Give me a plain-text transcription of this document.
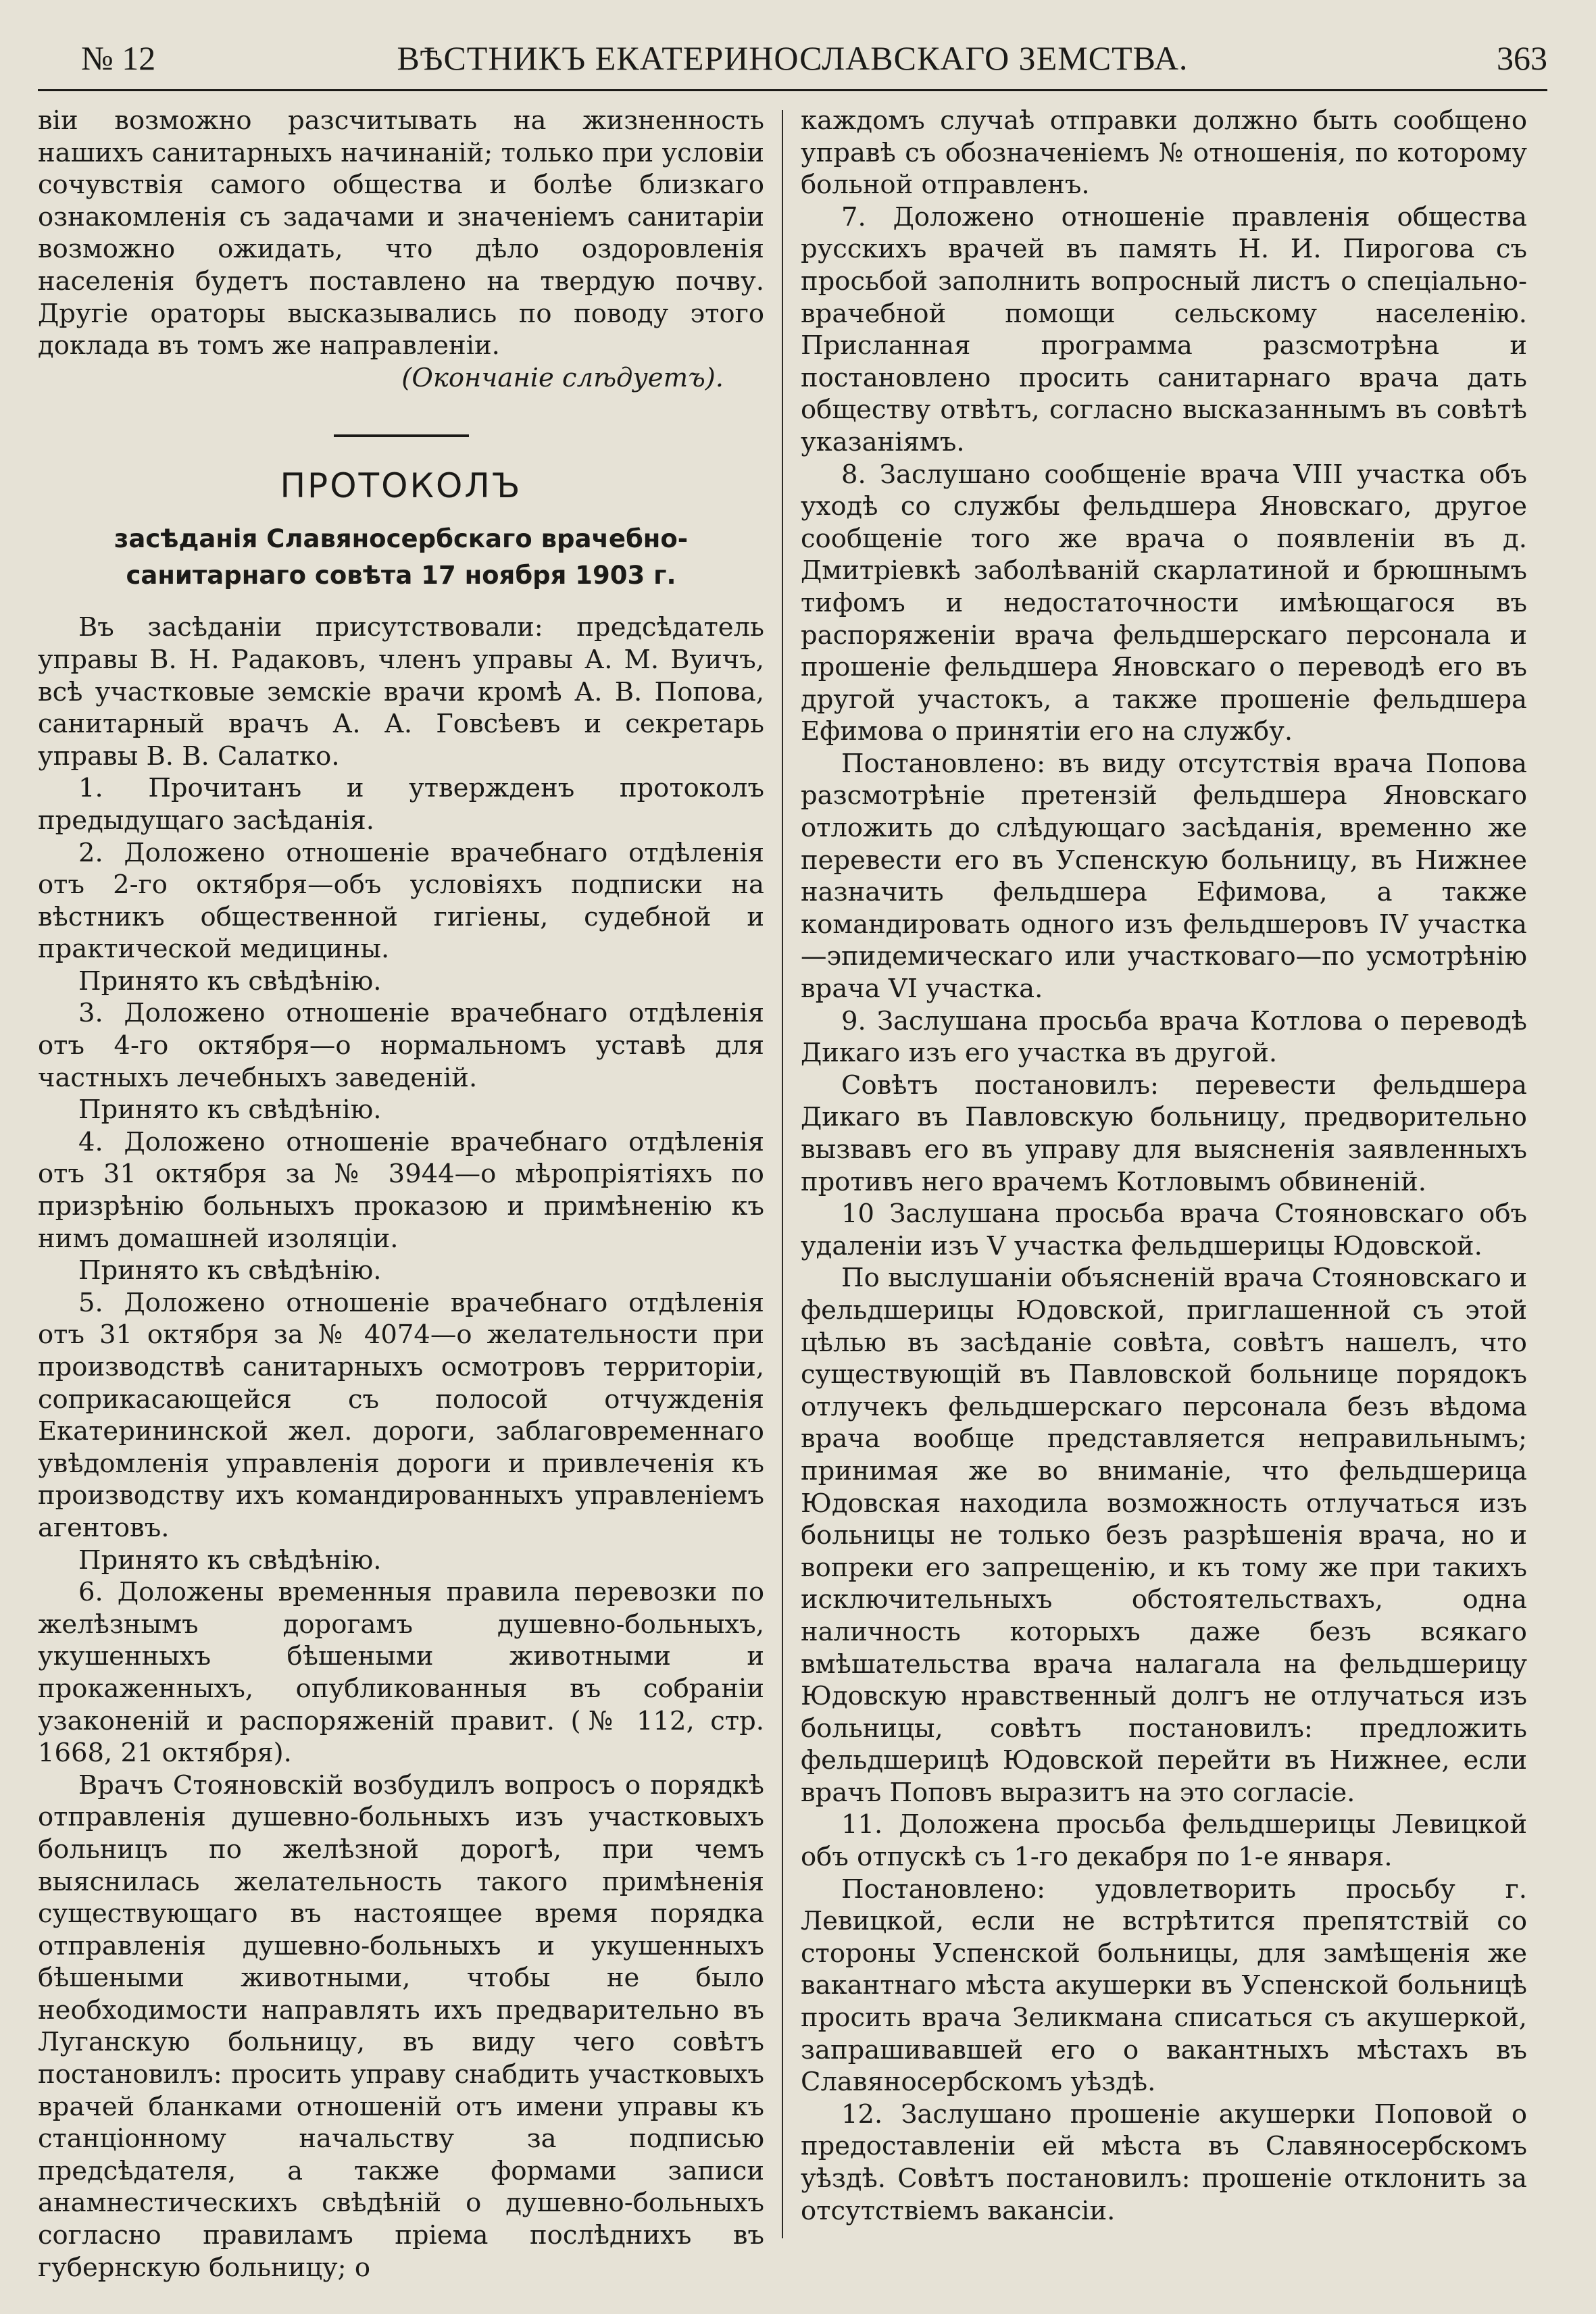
№ 12	ВѢСТНИКЪ ЕКАТЕРИНОСЛАВСКАГО ЗЕМСТВА.	363

віи возможно разсчитывать на жизненность нашихъ санитарныхъ начинаній; только при условіи сочувствія самого общества и болѣе близкаго ознакомленія съ задачами и значеніемъ санитаріи возможно ожидать, что дѣло оздоровленія населенія будетъ поставлено на твердую почву. Другіе ораторы высказывались по поводу этого доклада въ томъ же направленіи.

(Окончаніе слѣдуетъ).

ПРОТОКОЛЪ
засѣданія Славяносербскаго врачебно-санитарнаго совѣта 17 ноября 1903 г.

Въ засѣданіи присутствовали: предсѣдатель управы В. Н. Радаковъ, членъ управы А. М. Вуичъ, всѣ участковые земскіе врачи кромѣ А. В. Попова, санитарный врачъ А. А. Говсѣевъ и секретарь управы В. В. Салатко.

1. Прочитанъ и утвержденъ протоколъ предыдущаго засѣданія.

2. Доложено отношеніе врачебнаго отдѣленія отъ 2-го октября—объ условіяхъ подписки на вѣстникъ общественной гигіены, судебной и практической медицины.

Принято къ свѣдѣнію.

3. Доложено отношеніе врачебнаго отдѣленія отъ 4-го октября—о нормальномъ уставѣ для частныхъ лечебныхъ заведеній.

Принято къ свѣдѣнію.

4. Доложено отношеніе врачебнаго отдѣленія отъ 31 октября за № 3944—о мѣропріятіяхъ по призрѣнію больныхъ проказою и примѣненію къ нимъ домашней изоляціи.

Принято къ свѣдѣнію.

5. Доложено отношеніе врачебнаго отдѣленія отъ 31 октября за № 4074—о желательности при производствѣ санитарныхъ осмотровъ территоріи, соприкасающейся съ полосой отчужденія Екатерининской жел. дороги, заблаговременнаго увѣдомленія управленія дороги и привлеченія къ производству ихъ командированныхъ управленіемъ агентовъ.

Принято къ свѣдѣнію.

6. Доложены временныя правила перевозки по желѣзнымъ дорогамъ душевно-больныхъ, укушенныхъ бѣшеными животными и прокаженныхъ, опубликованныя въ собраніи узаконеній и распоряженій правит. (№ 112, стр. 1668, 21 октября).

Врачъ Стояновскій возбудилъ вопросъ о порядкѣ отправленія душевно-больныхъ изъ участковыхъ больницъ по желѣзной дорогѣ, при чемъ выяснилась желательность такого примѣненія существующаго въ настоящее время порядка отправленія душевно-больныхъ и укушенныхъ бѣшеными животными, чтобы не было необходимости направлять ихъ предварительно въ Луганскую больницу, въ виду чего совѣтъ постановилъ: просить управу снабдить участковыхъ врачей бланками отношеній отъ имени управы къ станціонному начальству за подписью предсѣдателя, а также формами записи анамнестическихъ свѣдѣній о душевно-больныхъ согласно правиламъ пріема послѣднихъ въ губернскую больницу; о

каждомъ случаѣ отправки должно быть сообщено управѣ съ обозначеніемъ № отношенія, по которому больной отправленъ.

7. Доложено отношеніе правленія общества русскихъ врачей въ память Н. И. Пирогова съ просьбой заполнить вопросный листъ о спеціально-врачебной помощи сельскому населенію. Присланная программа разсмотрѣна и постановлено просить санитарнаго врача дать обществу отвѣтъ, согласно высказаннымъ въ совѣтѣ указаніямъ.

8. Заслушано сообщеніе врача VIII участка объ уходѣ со службы фельдшера Яновскаго, другое сообщеніе того же врача о появленіи въ д. Дмитріевкѣ заболѣваній скарлатиной и брюшнымъ тифомъ и недостаточности имѣющагося въ распоряженіи врача фельдшерскаго персонала и прошеніе фельдшера Яновскаго о переводѣ его въ другой участокъ, а также прошеніе фельдшера Ефимова о принятіи его на службу.

Постановлено: въ виду отсутствія врача Попова разсмотрѣніе претензій фельдшера Яновскаго отложить до слѣдующаго засѣданія, временно же перевести его въ Успенскую больницу, въ Нижнее назначить фельдшера Ефимова, а также командировать одного изъ фельдшеровъ IV участка—эпидемическаго или участковаго—по усмотрѣнію врача VI участка.

9. Заслушана просьба врача Котлова о переводѣ Дикаго изъ его участка въ другой.

Совѣтъ постановилъ: перевести фельдшера Дикаго въ Павловскую больницу, предворительно вызвавъ его въ управу для выясненія заявленныхъ противъ него врачемъ Котловымъ обвиненій.

10 Заслушана просьба врача Стояновскаго объ удаленіи изъ V участка фельдшерицы Юдовской.

По выслушаніи объясненій врача Стояновскаго и фельдшерицы Юдовской, приглашенной съ этой цѣлью въ засѣданіе совѣта, совѣтъ нашелъ, что существующій въ Павловской больнице порядокъ отлучекъ фельдшерскаго персонала безъ вѣдома врача вообще представляется неправильнымъ; принимая же во вниманіе, что фельдшерица Юдовская находила возможность отлучаться изъ больницы не только безъ разрѣшенія врача, но и вопреки его запрещенію, и къ тому же при такихъ исключительныхъ обстоятельствахъ, одна наличность которыхъ даже безъ всякаго вмѣшательства врача налагала на фельдшерицу Юдовскую нравственный долгъ не отлучаться изъ больницы, совѣтъ постановилъ: предложить фельдшерицѣ Юдовской перейти въ Нижнее, если врачъ Поповъ выразитъ на это согласіе.

11. Доложена просьба фельдшерицы Левицкой объ отпускѣ съ 1-го декабря по 1-е января.

Постановлено: удовлетворить просьбу г. Левицкой, если не встрѣтится препятствій со стороны Успенской больницы, для замѣщенія же вакантнаго мѣста акушерки въ Успенской больницѣ просить врача Зеликмана списаться съ акушеркой, запрашивавшей его о вакантныхъ мѣстахъ въ Славяносербскомъ уѣздѣ.

12. Заслушано прошеніе акушерки Поповой о предоставленіи ей мѣста въ Славяносербскомъ уѣздѣ. Совѣтъ постановилъ: прошеніе отклонить за отсутствіемъ вакансіи.
